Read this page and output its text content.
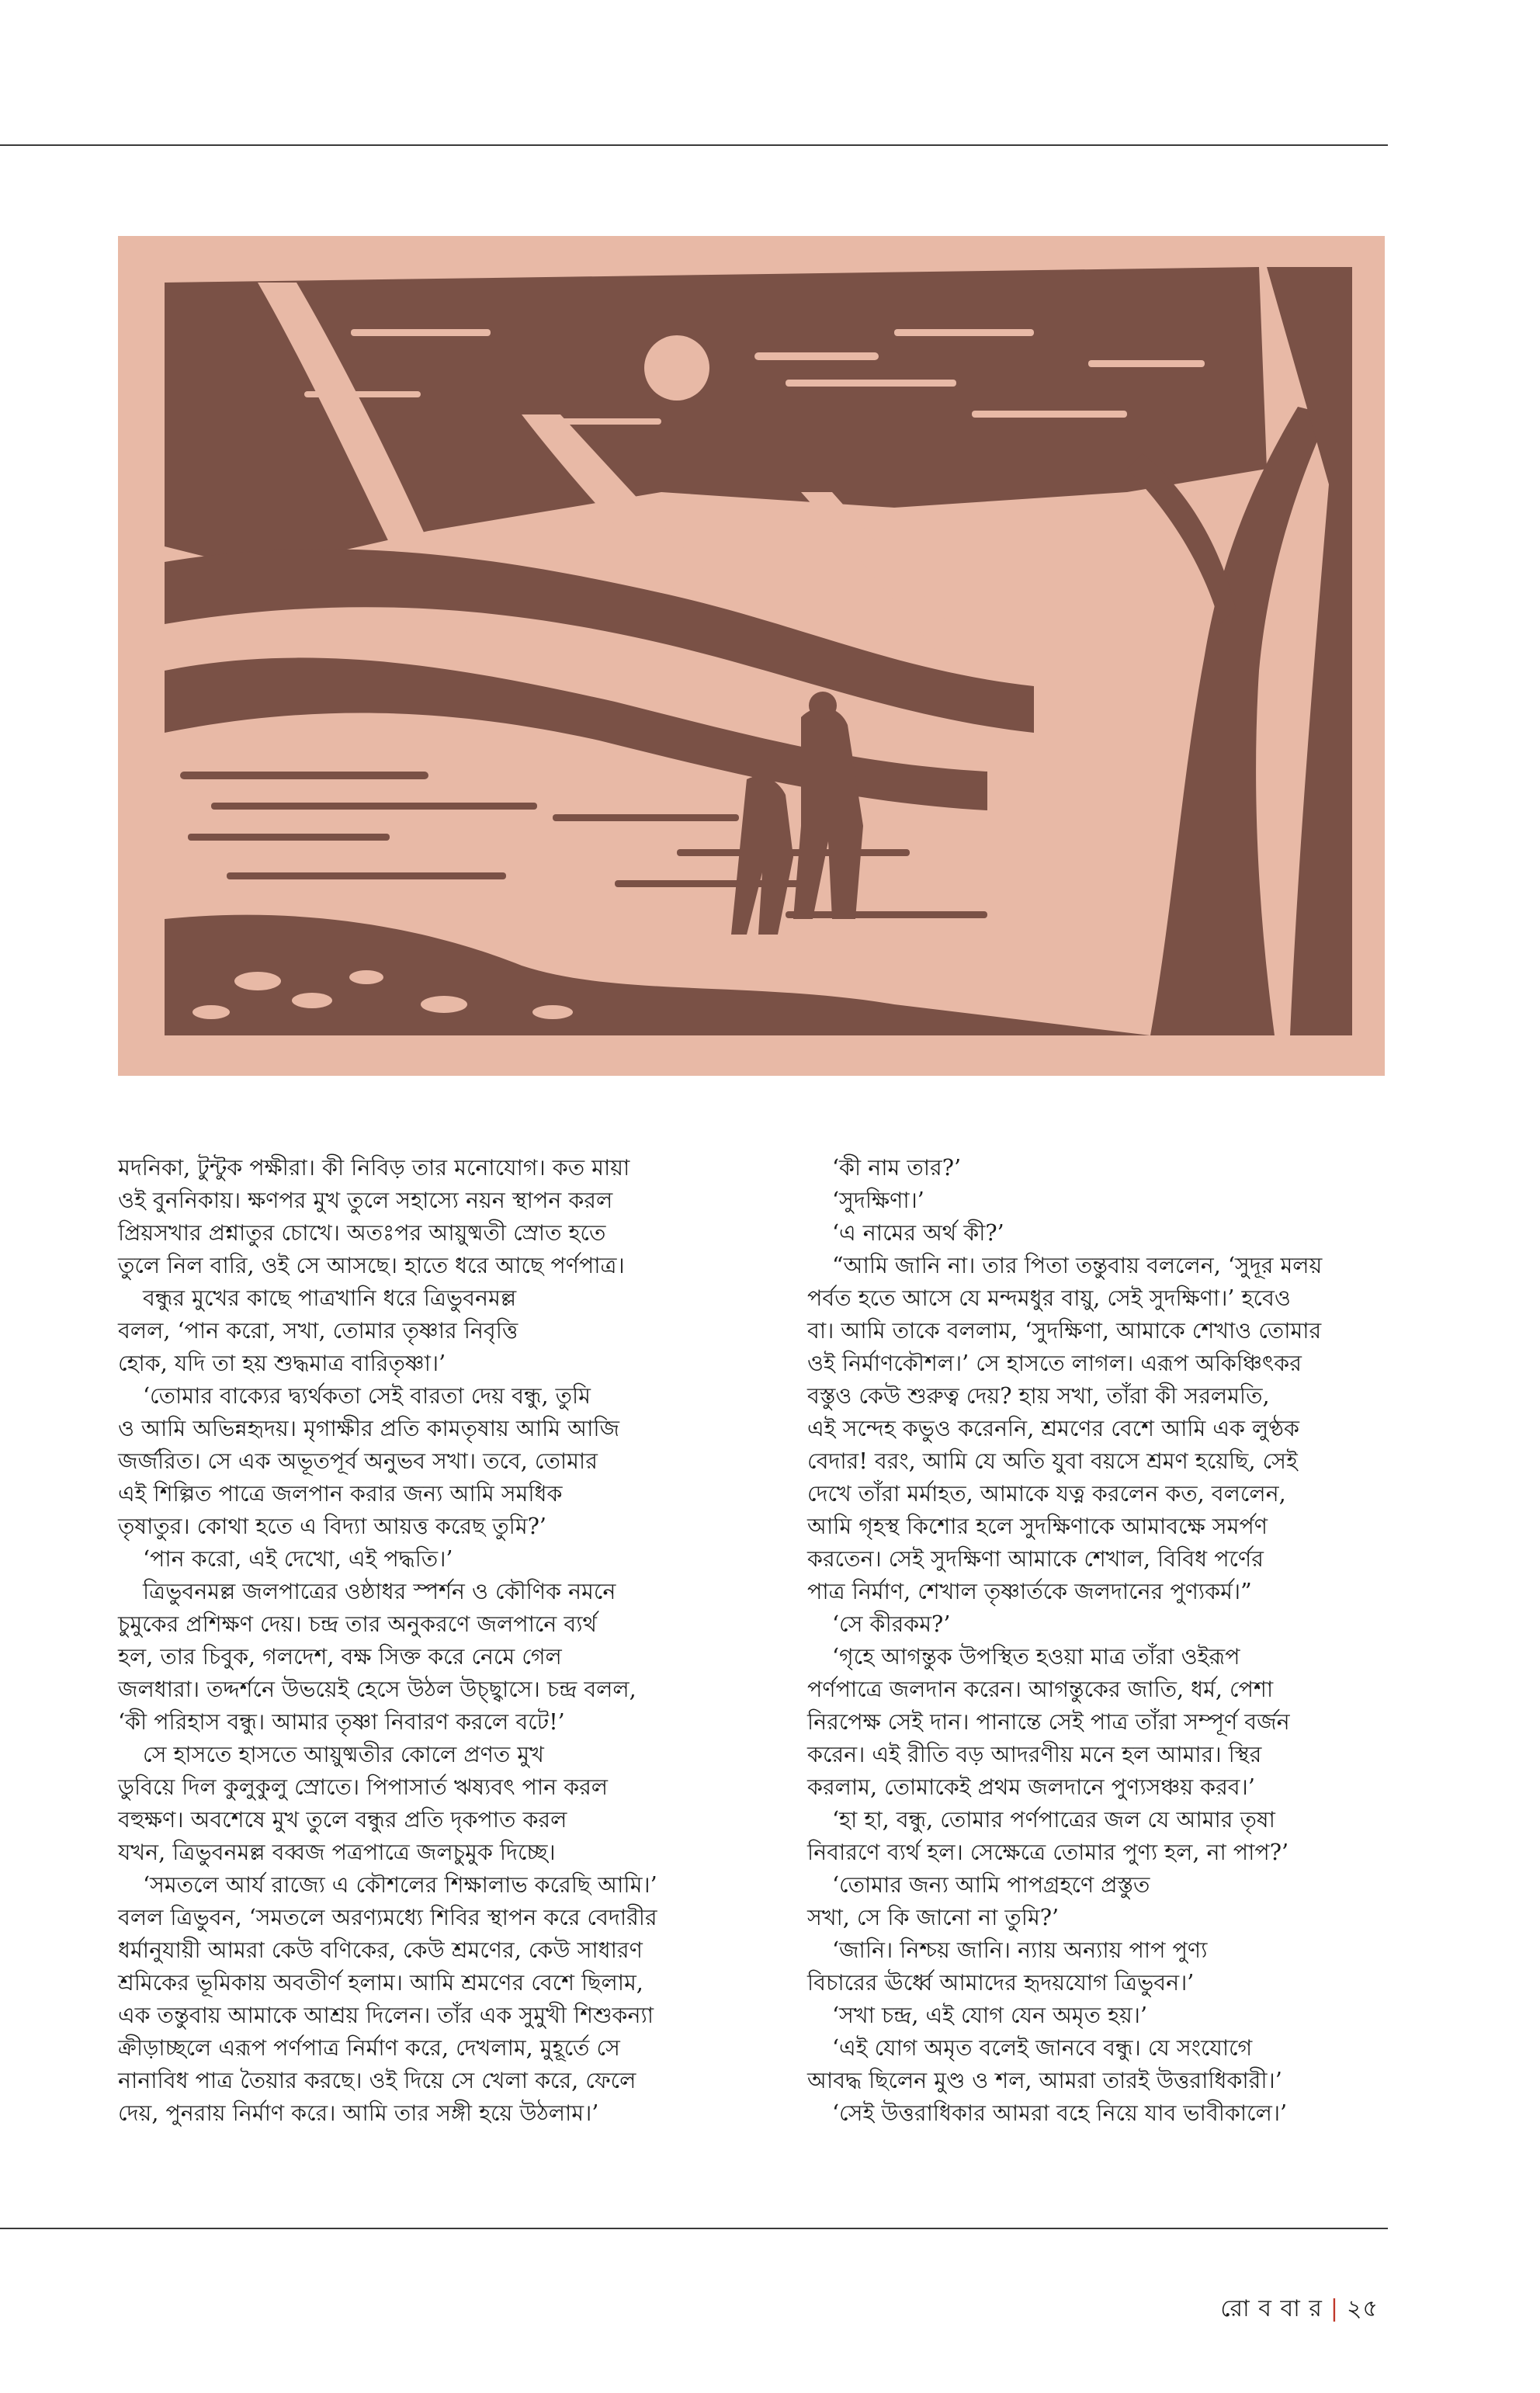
মদনিকা, টুন্টুক পক্ষীরা। কী নিবিড় তার মনোযোগ। কত মায়া

ওই বুননিকায়। ক্ষণপর মুখ তুলে সহাস্যে নয়ন স্থাপন করল

প্রিয়সখার প্রশ্নাতুর চোখে। অতঃপর আয়ুষ্মতী স্রোত হতে

তুলে নিল বারি, ওই সে আসছে। হাতে ধরে আছে পর্ণপাত্র।

বন্ধুর মুখের কাছে পাত্রখানি ধরে ত্রিভুবনমল্ল

বলল, ‘পান করো, সখা, তোমার তৃষ্ণার নিবৃত্তি

হোক, যদি তা হয় শুদ্ধমাত্র বারিতৃষ্ণা।’

‘তোমার বাক্যের দ্ব্যর্থকতা সেই বারতা দেয় বন্ধু, তুমি

ও আমি অভিন্নহৃদয়। মৃগাক্ষীর প্রতি কামতৃষায় আমি আজি

জর্জরিত। সে এক অভূতপূর্ব অনুভব সখা। তবে, তোমার

এই শিল্পিত পাত্রে জলপান করার জন্য আমি সমধিক

তৃষাতুর। কোথা হতে এ বিদ্যা আয়ত্ত করেছ তুমি?’

‘পান করো, এই দেখো, এই পদ্ধতি।’

ত্রিভুবনমল্ল জলপাত্রের ওষ্ঠাধর স্পর্শন ও কৌণিক নমনে

চুমুকের প্রশিক্ষণ দেয়। চন্দ্র তার অনুকরণে জলপানে ব্যর্থ

হল, তার চিবুক, গলদেশ, বক্ষ সিক্ত করে নেমে গেল

জলধারা। তদ্দর্শনে উভয়েই হেসে উঠল উচ্ছ্বাসে। চন্দ্র বলল,

‘কী পরিহাস বন্ধু। আমার তৃষ্ণা নিবারণ করলে বটে!’

সে হাসতে হাসতে আয়ুষ্মতীর কোলে প্রণত মুখ

ডুবিয়ে দিল কুলুকুলু স্রোতে। পিপাসার্ত ঋষ্যবৎ পান করল

বহুক্ষণ। অবশেষে মুখ তুলে বন্ধুর প্রতি দৃকপাত করল

যখন, ত্রিভুবনমল্ল বব্বজ পত্রপাত্রে জলচুমুক দিচ্ছে।

‘সমতলে আর্য রাজ্যে এ কৌশলের শিক্ষালাভ করেছি আমি।’

বলল ত্রিভুবন, ‘সমতলে অরণ্যমধ্যে শিবির স্থাপন করে বেদারীর

ধর্মানুযায়ী আমরা কেউ বণিকের, কেউ শ্রমণের, কেউ সাধারণ

শ্রমিকের ভূমিকায় অবতীর্ণ হলাম। আমি শ্রমণের বেশে ছিলাম,

এক তন্তুবায় আমাকে আশ্রয় দিলেন। তাঁর এক সুমুখী শিশুকন্যা

ক্রীড়াচ্ছলে এরূপ পর্ণপাত্র নির্মাণ করে, দেখলাম, মুহূর্তে সে

নানাবিধ পাত্র তৈয়ার করছে। ওই দিয়ে সে খেলা করে, ফেলে

দেয়, পুনরায় নির্মাণ করে। আমি তার সঙ্গী হয়ে উঠলাম।’

‘কী নাম তার?’

‘সুদক্ষিণা।’

‘এ নামের অর্থ কী?’

“আমি জানি না। তার পিতা তন্তুবায় বললেন, ‘সুদূর মলয়

পর্বত হতে আসে যে মন্দমধুর বায়ু, সেই সুদক্ষিণা।’ হবেও

বা। আমি তাকে বললাম, ‘সুদক্ষিণা, আমাকে শেখাও তোমার

ওই নির্মাণকৌশল।’ সে হাসতে লাগল। এরূপ অকিঞ্চিৎকর

বস্তুও কেউ শুরুত্ব দেয়? হায় সখা, তাঁরা কী সরলমতি,

এই সন্দেহ কভুও করেননি, শ্রমণের বেশে আমি এক লুণ্ঠক

বেদার! বরং, আমি যে অতি যুবা বয়সে শ্রমণ হয়েছি, সেই

দেখে তাঁরা মর্মাহত, আমাকে যত্ন করলেন কত, বললেন,

আমি গৃহস্থ কিশোর হলে সুদক্ষিণাকে আমাবক্ষে সমর্পণ

করতেন। সেই সুদক্ষিণা আমাকে শেখাল, বিবিধ পর্ণের

পাত্র নির্মাণ, শেখাল তৃষ্ণার্তকে জলদানের পুণ্যকর্ম।”

‘সে কীরকম?’

‘গৃহে আগন্তুক উপস্থিত হওয়া মাত্র তাঁরা ওইরূপ

পর্ণপাত্রে জলদান করেন। আগন্তুকের জাতি, ধর্ম, পেশা

নিরপেক্ষ সেই দান। পানান্তে সেই পাত্র তাঁরা সম্পূর্ণ বর্জন

করেন। এই রীতি বড় আদরণীয় মনে হল আমার। স্থির

করলাম, তোমাকেই প্রথম জলদানে পুণ্যসঞ্চয় করব।’

‘হা হা, বন্ধু, তোমার পর্ণপাত্রের জল যে আমার তৃষা

নিবারণে ব্যর্থ হল। সেক্ষেত্রে তোমার পুণ্য হল, না পাপ?’

‘তোমার জন্য আমি পাপগ্রহণে প্রস্তুত

সখা, সে কি জানো না তুমি?’

‘জানি। নিশ্চয় জানি। ন্যায় অন্যায় পাপ পুণ্য

বিচারের ঊর্ধ্বে আমাদের হৃদয়যোগ ত্রিভুবন।’

‘সখা চন্দ্র, এই যোগ যেন অমৃত হয়।’

‘এই যোগ অমৃত বলেই জানবে বন্ধু। যে সংযোগে

আবদ্ধ ছিলেন মুণ্ড ও শল, আমরা তারই উত্তরাধিকারী।’

‘সেই উত্তরাধিকার আমরা বহে নিয়ে যাব ভাবীকালে।’

রো ব বা র | ২৫
